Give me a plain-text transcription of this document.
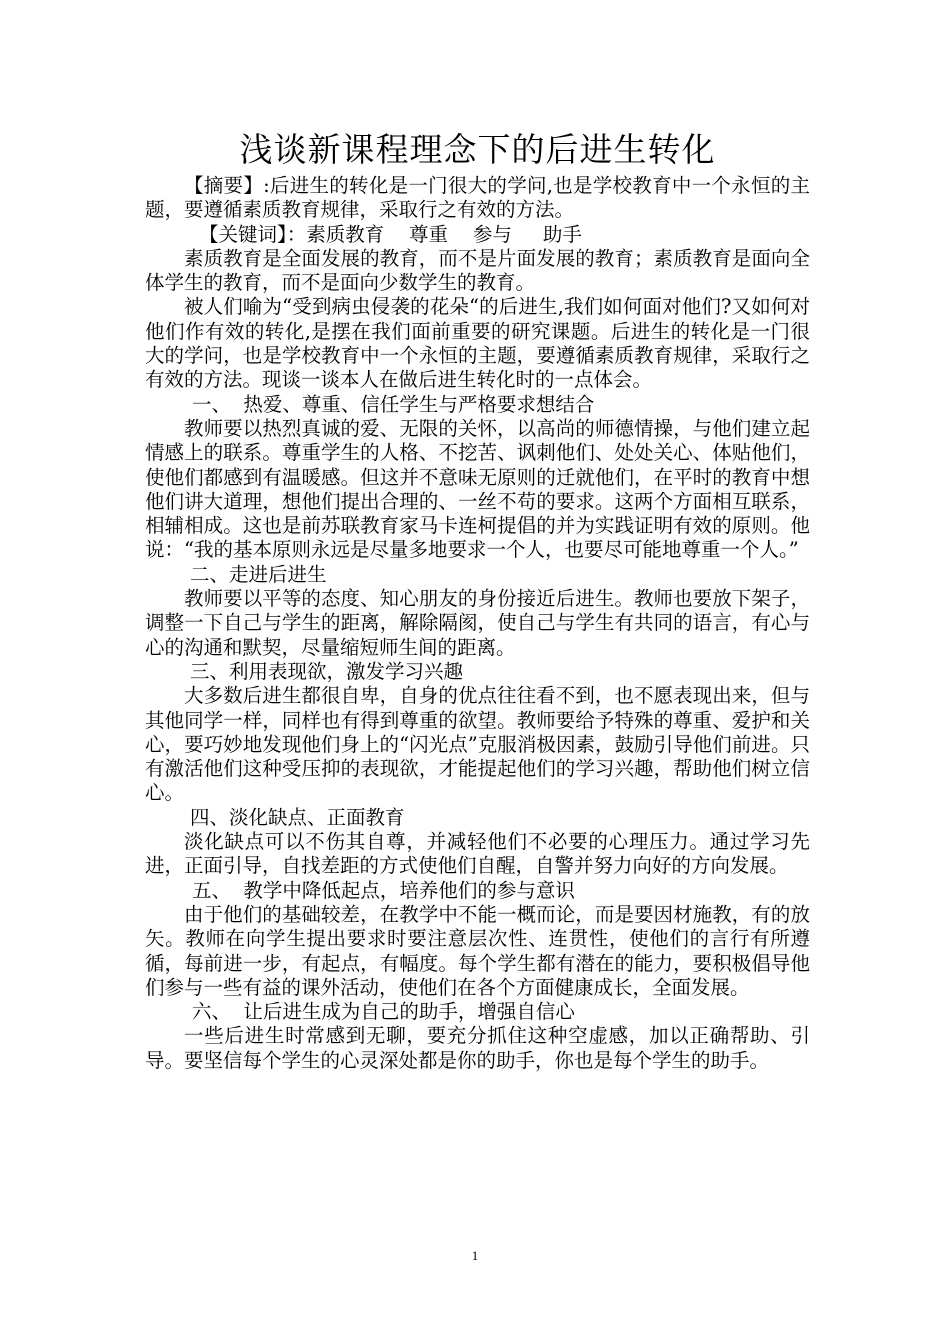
浅谈新课程理念下的后进生转化

【摘要】:后进生的转化是一门很大的学问,也是学校教育中一个永恒的主题，要遵循素质教育规律，采取行之有效的方法。

【关键词】：素质教育    尊重    参与     助手

素质教育是全面发展的教育，而不是片面发展的教育；素质教育是面向全体学生的教育，而不是面向少数学生的教育。

被人们喻为“受到病虫侵袭的花朵“的后进生,我们如何面对他们?又如何对他们作有效的转化,是摆在我们面前重要的研究课题。后进生的转化是一门很大的学问，也是学校教育中一个永恒的主题，要遵循素质教育规律，采取行之有效的方法。现谈一谈本人在做后进生转化时的一点体会。

一、  热爱、尊重、信任学生与严格要求想结合

教师要以热烈真诚的爱、无限的关怀，以高尚的师德情操，与他们建立起情感上的联系。尊重学生的人格、不挖苦、讽刺他们、处处关心、体贴他们，使他们都感到有温暖感。但这并不意味无原则的迁就他们，在平时的教育中想他们讲大道理，想他们提出合理的、一丝不苟的要求。这两个方面相互联系，相辅相成。这也是前苏联教育家马卡连柯提倡的并为实践证明有效的原则。他说：“我的基本原则永远是尽量多地要求一个人，也要尽可能地尊重一个人。”

二、走进后进生

教师要以平等的态度、知心朋友的身份接近后进生。教师也要放下架子，调整一下自己与学生的距离，解除隔阂，使自己与学生有共同的语言，有心与心的沟通和默契，尽量缩短师生间的距离。

三、利用表现欲，激发学习兴趣

大多数后进生都很自卑，自身的优点往往看不到，也不愿表现出来，但与其他同学一样，同样也有得到尊重的欲望。教师要给予特殊的尊重、爱护和关心，要巧妙地发现他们身上的“闪光点”克服消极因素，鼓励引导他们前进。只有激活他们这种受压抑的表现欲，才能提起他们的学习兴趣，帮助他们树立信心。

四、淡化缺点、正面教育

淡化缺点可以不伤其自尊，并减轻他们不必要的心理压力。通过学习先进，正面引导，自找差距的方式使他们自醒，自警并努力向好的方向发展。

五、  教学中降低起点，培养他们的参与意识

由于他们的基础较差，在教学中不能一概而论，而是要因材施教，有的放矢。教师在向学生提出要求时要注意层次性、连贯性，使他们的言行有所遵循，每前进一步，有起点，有幅度。每个学生都有潜在的能力，要积极倡导他们参与一些有益的课外活动，使他们在各个方面健康成长，全面发展。

六、  让后进生成为自己的助手，增强自信心

一些后进生时常感到无聊，要充分抓住这种空虚感，加以正确帮助、引导。要坚信每个学生的心灵深处都是你的助手，你也是每个学生的助手。

1
